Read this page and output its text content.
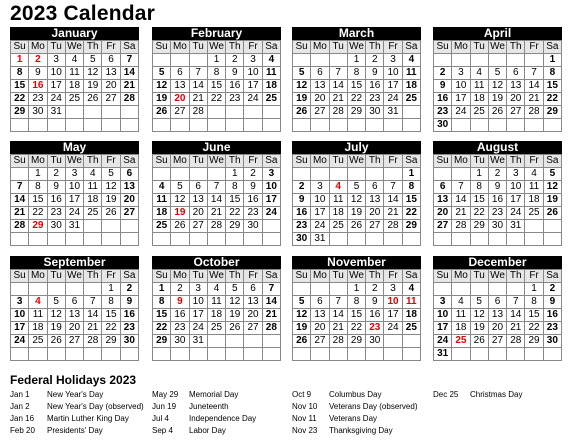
2023 Calendar
January
Su	Mo	Tu	We	Th	Fr	Sa
1	2	3	4	5	6	7
8	9	10	11	12	13	14
15	16	17	18	19	20	21
22	23	24	25	26	27	28
29	30	31				

February
Su	Mo	Tu	We	Th	Fr	Sa
			1	2	3	4
5	6	7	8	9	10	11
12	13	14	15	16	17	18
19	20	21	22	23	24	25
26	27	28				

March
Su	Mo	Tu	We	Th	Fr	Sa
			1	2	3	4
5	6	7	8	9	10	11
12	13	14	15	16	17	18
19	20	21	22	23	24	25
26	27	28	29	30	31	

April
Su	Mo	Tu	We	Th	Fr	Sa
						1
2	3	4	5	6	7	8
9	10	11	12	13	14	15
16	17	18	19	20	21	22
23	24	25	26	27	28	29
30						
May
Su	Mo	Tu	We	Th	Fr	Sa
	1	2	3	4	5	6
7	8	9	10	11	12	13
14	15	16	17	18	19	20
21	22	23	24	25	26	27
28	29	30	31			

June
Su	Mo	Tu	We	Th	Fr	Sa
				1	2	3
4	5	6	7	8	9	10
11	12	13	14	15	16	17
18	19	20	21	22	23	24
25	26	27	28	29	30	

July
Su	Mo	Tu	We	Th	Fr	Sa
						1
2	3	4	5	6	7	8
9	10	11	12	13	14	15
16	17	18	19	20	21	22
23	24	25	26	27	28	29
30	31					
August
Su	Mo	Tu	We	Th	Fr	Sa
		1	2	3	4	5
6	7	8	9	10	11	12
13	14	15	16	17	18	19
20	21	22	23	24	25	26
27	28	29	30	31		

September
Su	Mo	Tu	We	Th	Fr	Sa
					1	2
3	4	5	6	7	8	9
10	11	12	13	14	15	16
17	18	19	20	21	22	23
24	25	26	27	28	29	30

October
Su	Mo	Tu	We	Th	Fr	Sa
1	2	3	4	5	6	7
8	9	10	11	12	13	14
15	16	17	18	19	20	21
22	23	24	25	26	27	28
29	30	31				

November
Su	Mo	Tu	We	Th	Fr	Sa
			1	2	3	4
5	6	7	8	9	10	11
12	13	14	15	16	17	18
19	20	21	22	23	24	25
26	27	28	29	30		

December
Su	Mo	Tu	We	Th	Fr	Sa
					1	2
3	4	5	6	7	8	9
10	11	12	13	14	15	16
17	18	19	20	21	22	23
24	25	26	27	28	29	30
31						
Federal Holidays 2023
Jan 1 New Year's Day
Jan 2 New Year's Day (observed)
Jan 16 Martin Luther King Day
Feb 20 Presidents' Day
May 29 Memorial Day
Jun 19 Juneteenth
Jul 4	Independence Day
Sep 4 Labor Day
Oct 9 Columbus Day
Nov 10 Veterans Day (observed)
Nov 11 Veterans Day
Nov 23 Thanksgiving Day
Dec 25 Christmas Day
